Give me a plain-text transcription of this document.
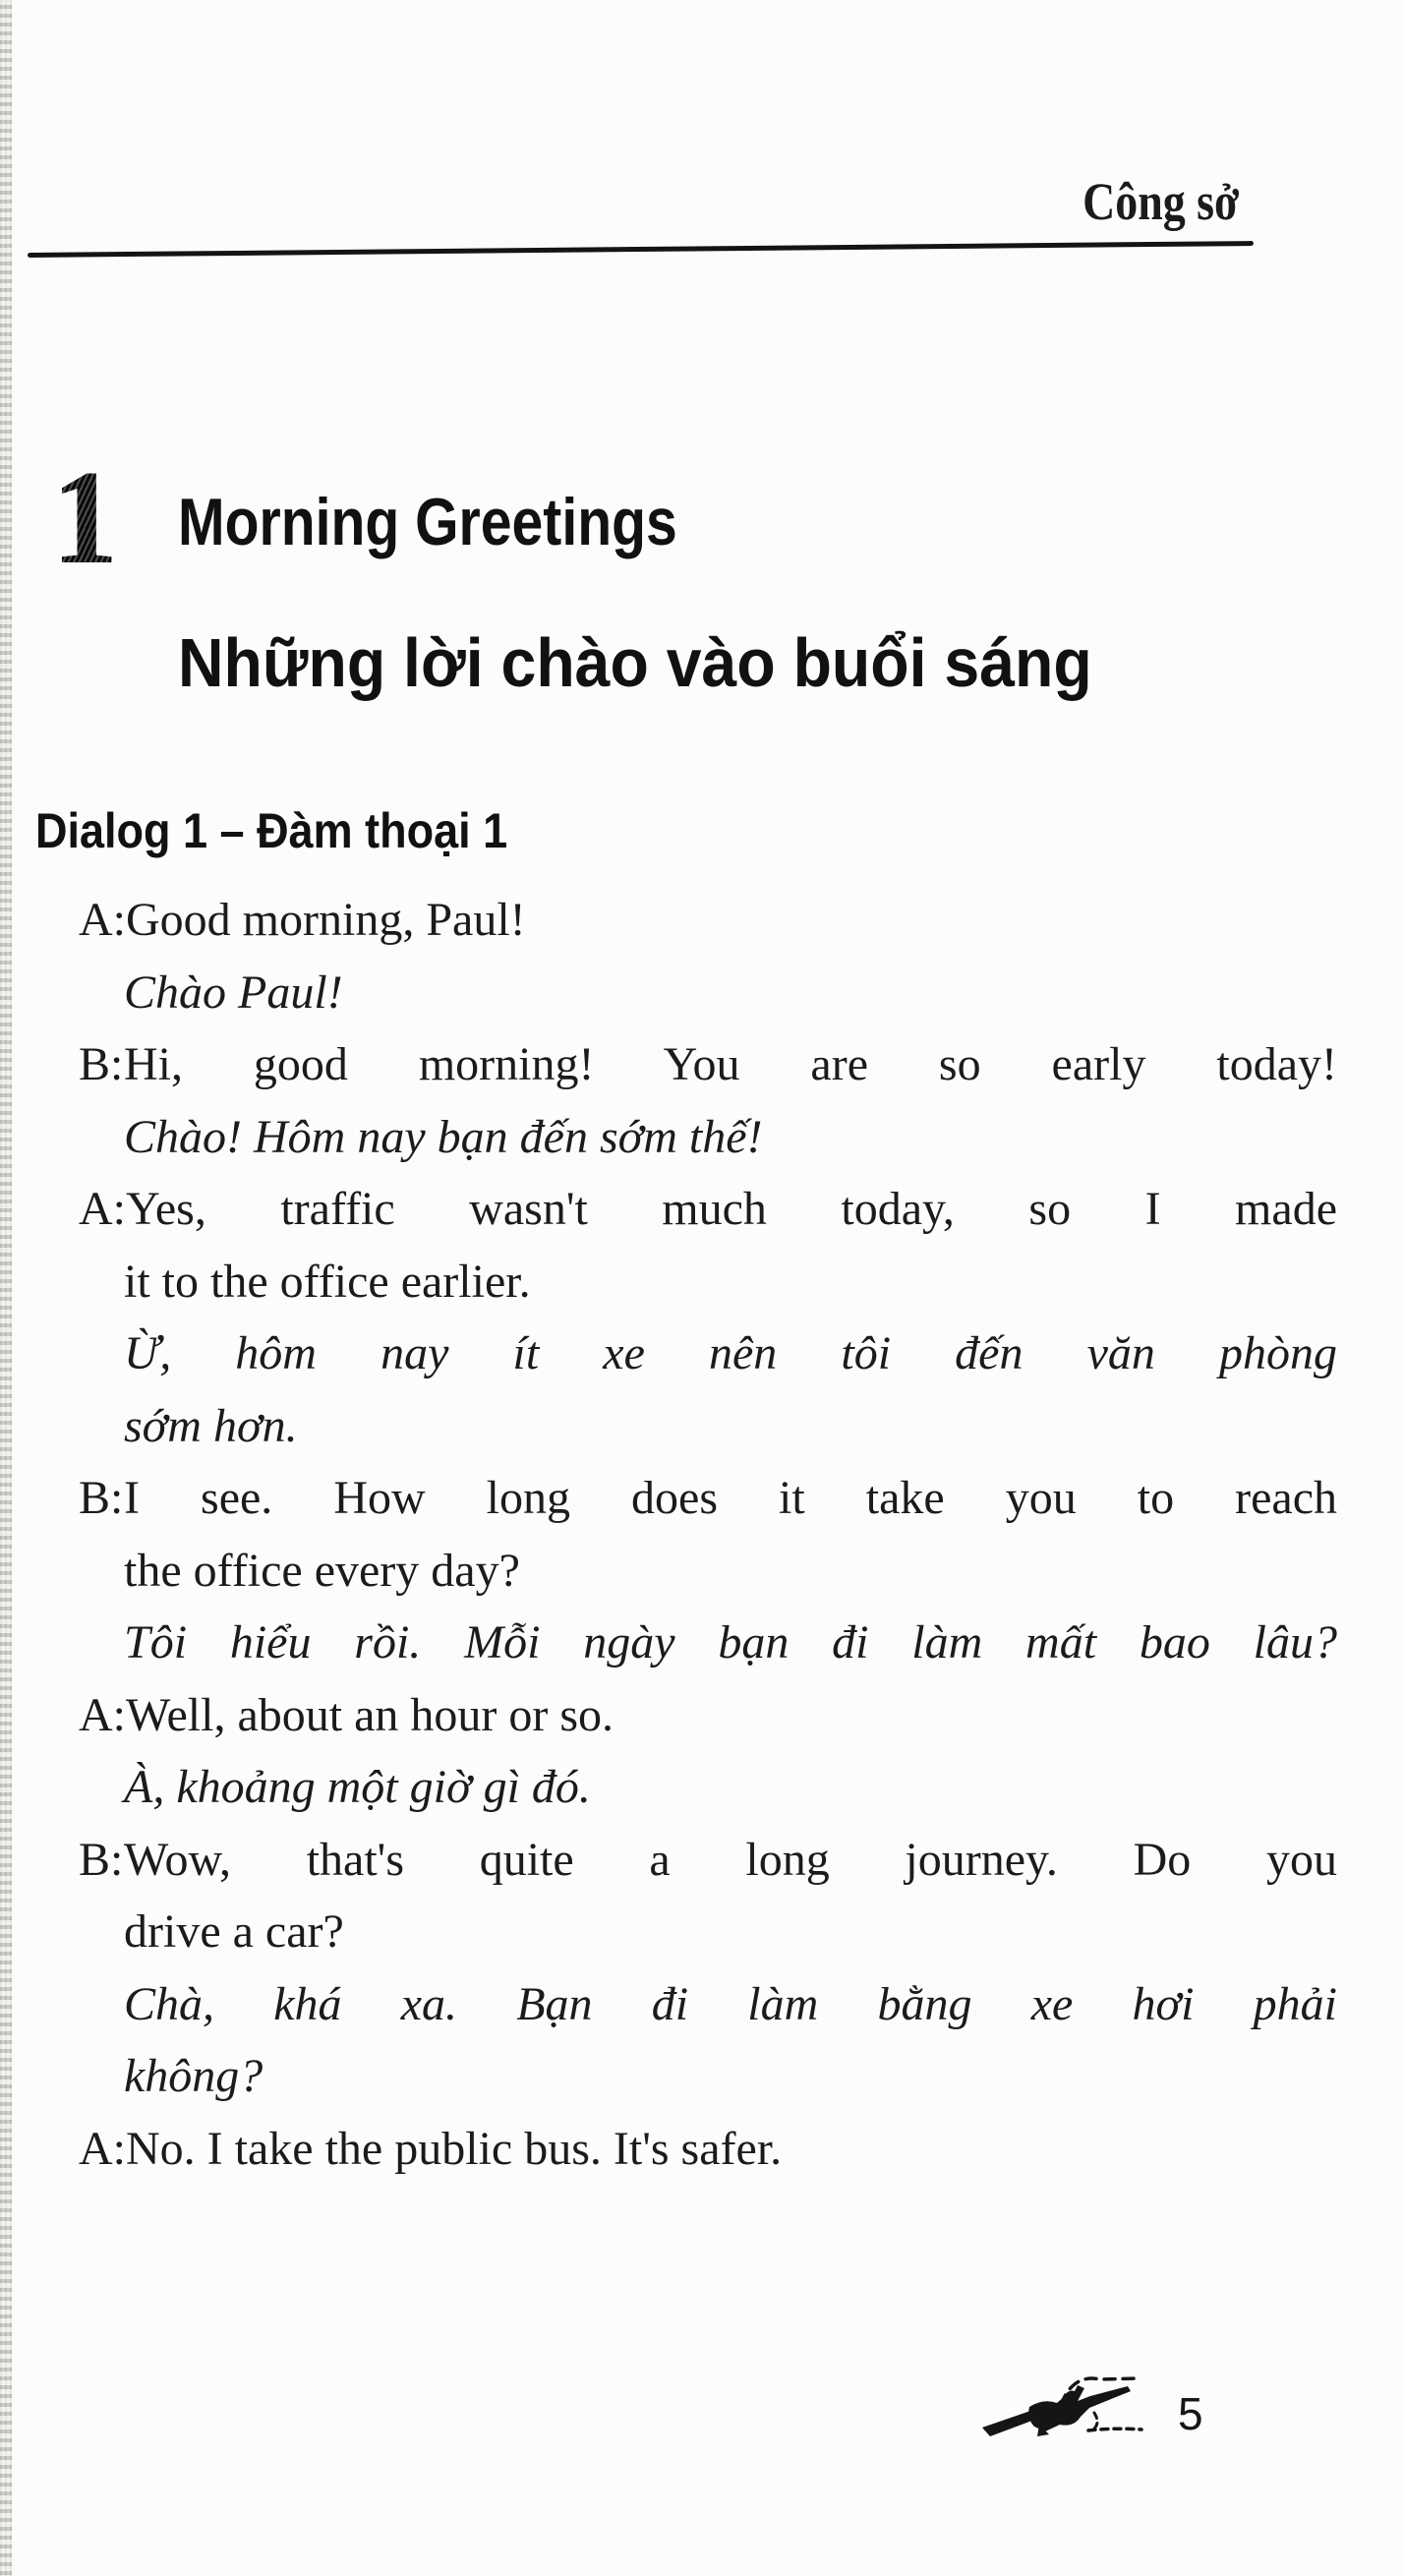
Công sở
1 Morning Greetings
Những lời chào vào buổi sáng
Dialog 1 – Đàm thoại 1
A: Good morning, Paul!
Chào Paul!
B: Hi, good morning! You are so early today!
Chào! Hôm nay bạn đến sớm thế!
A: Yes, traffic wasn't much today, so I made
it to the office earlier.
Ừ, hôm nay ít xe nên tôi đến văn phòng
sớm hơn.
B: I see. How long does it take you to reach
the office every day?
Tôi hiểu rồi. Mỗi ngày bạn đi làm mất bao lâu?
A: Well, about an hour or so.
À, khoảng một giờ gì đó.
B: Wow, that's quite a long journey. Do you
drive a car?
Chà, khá xa. Bạn đi làm bằng xe hơi phải
không?
A: No. I take the public bus. It's safer.
5
